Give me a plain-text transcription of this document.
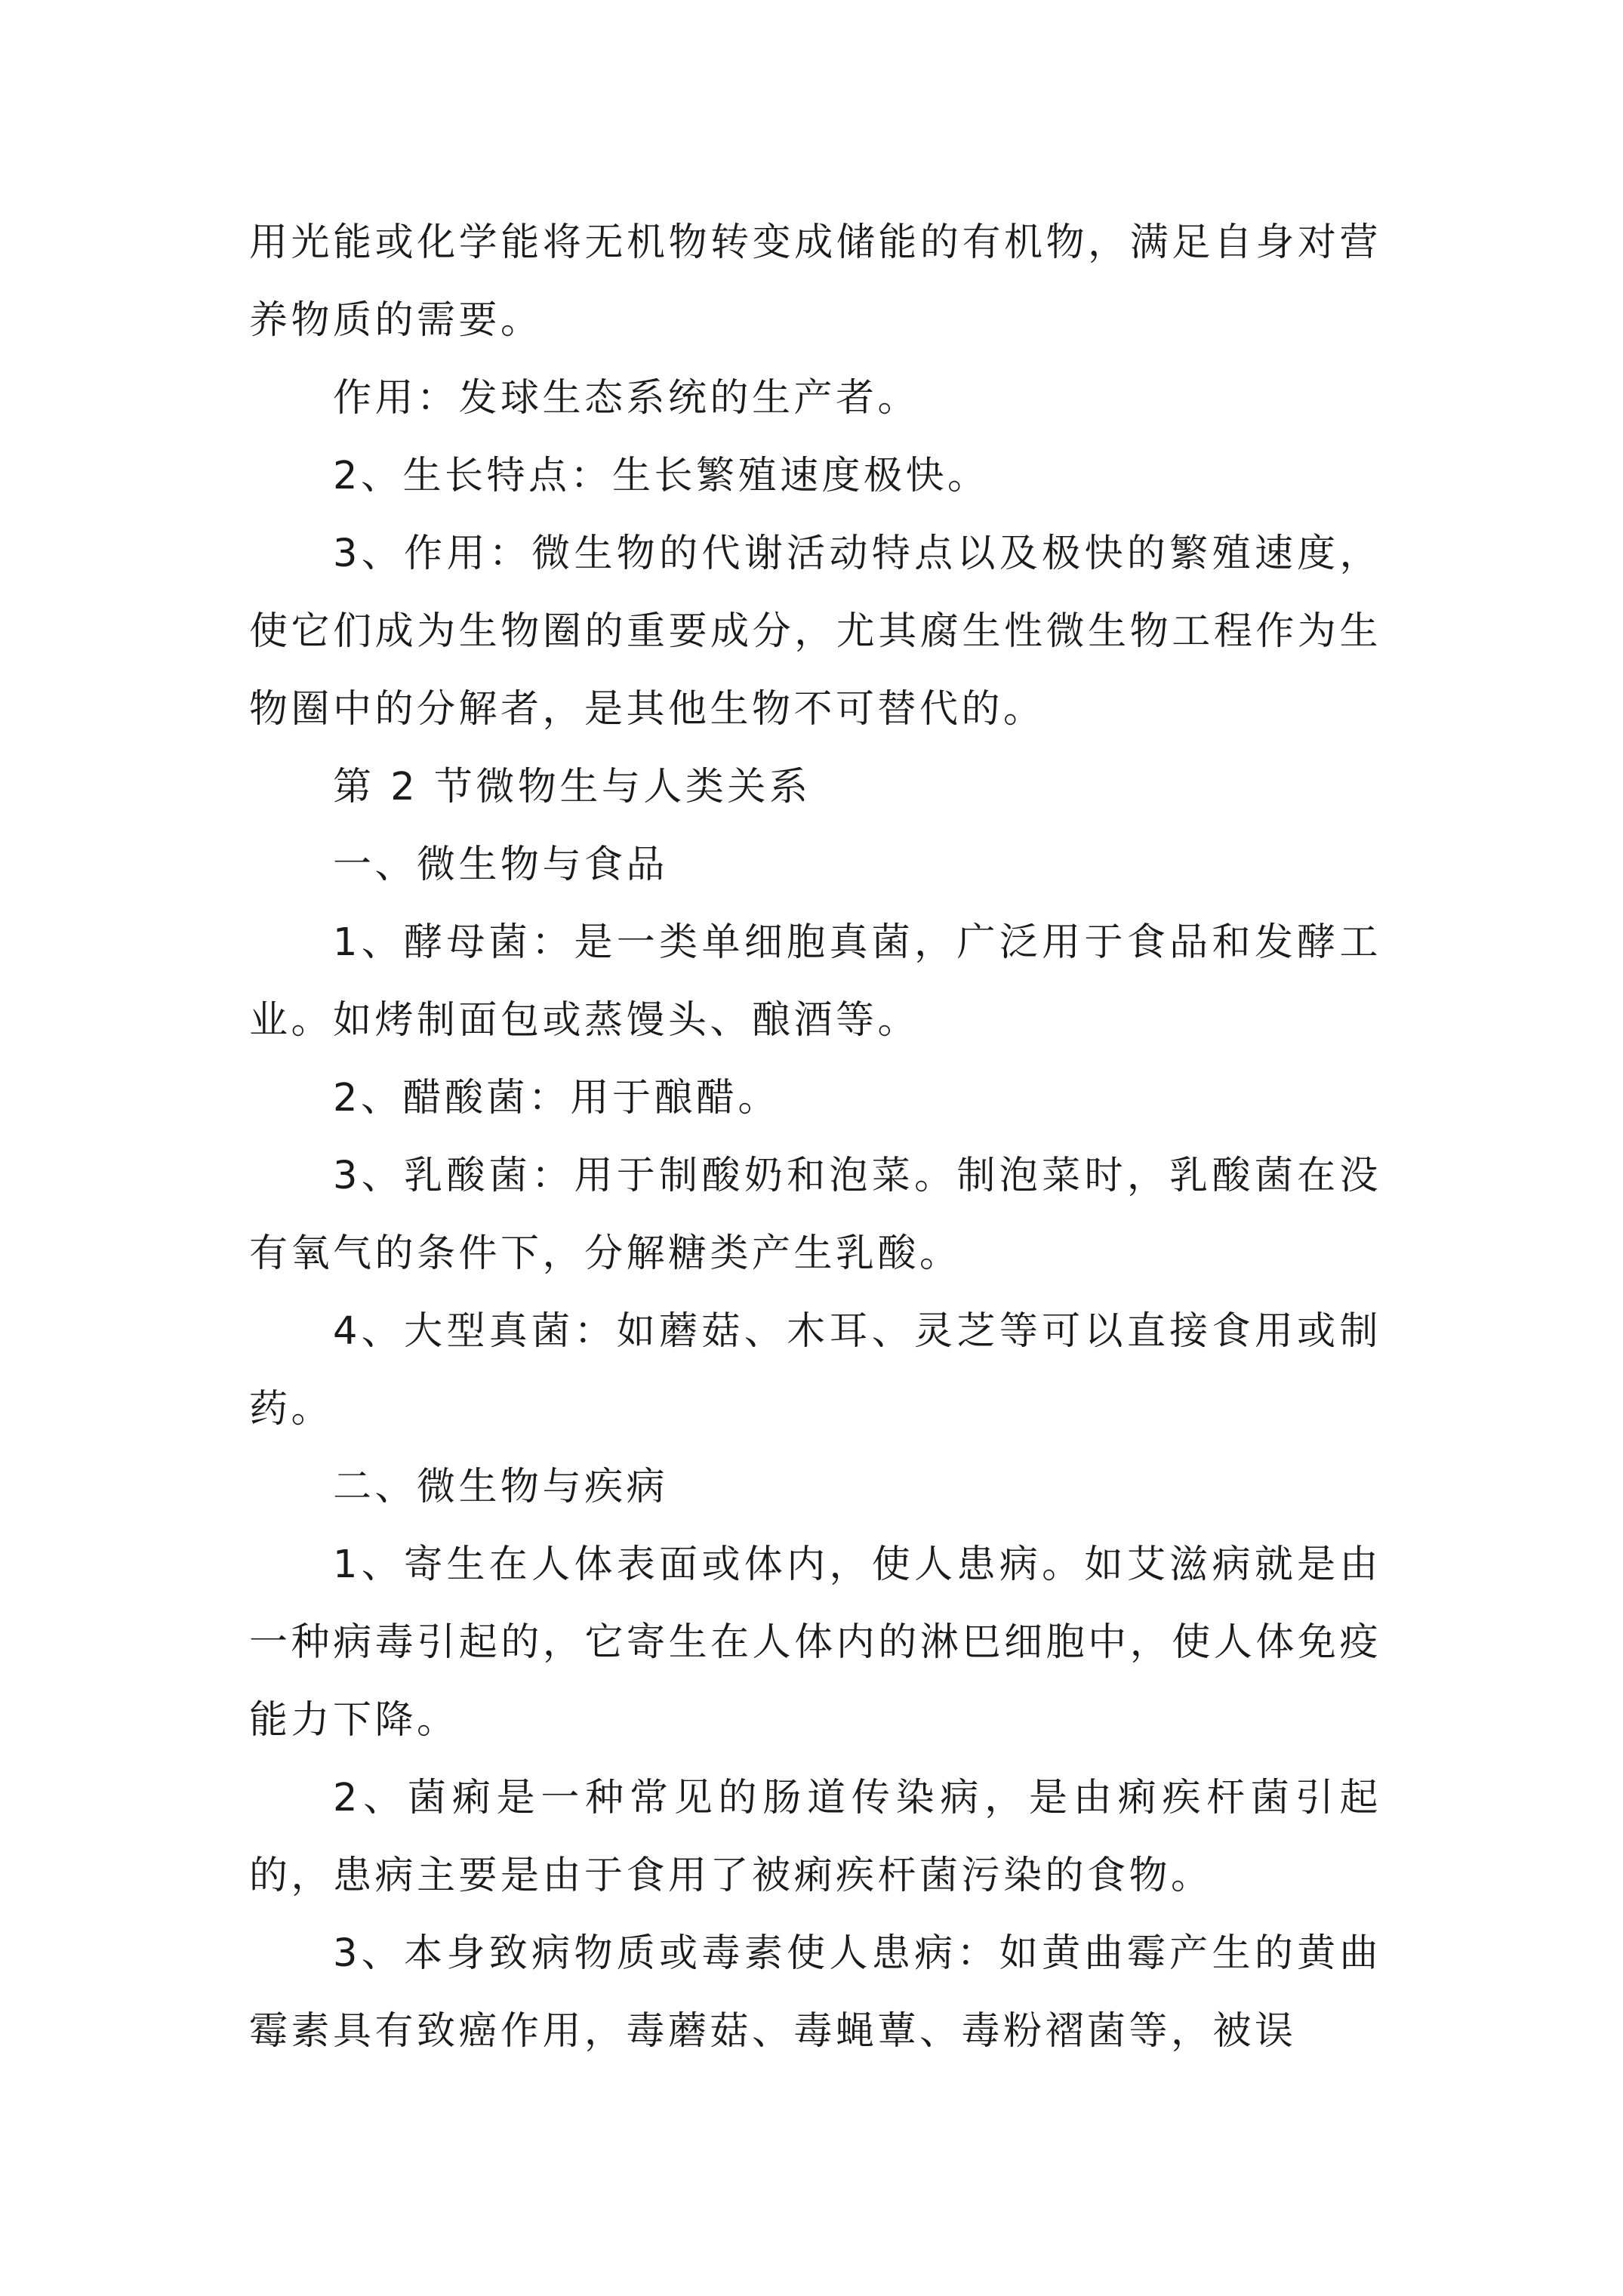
用光能或化学能将无机物转变成储能的有机物，满足自身对营养物质的需要。

作用：发球生态系统的生产者。

2、生长特点：生长繁殖速度极快。

3、作用：微生物的代谢活动特点以及极快的繁殖速度，使它们成为生物圈的重要成分，尤其腐生性微生物工程作为生物圈中的分解者，是其他生物不可替代的。

第 2 节微物生与人类关系

一、微生物与食品

1、酵母菌：是一类单细胞真菌，广泛用于食品和发酵工业。如烤制面包或蒸馒头、酿酒等。

2、醋酸菌：用于酿醋。

3、乳酸菌：用于制酸奶和泡菜。制泡菜时，乳酸菌在没有氧气的条件下，分解糖类产生乳酸。

4、大型真菌：如蘑菇、木耳、灵芝等可以直接食用或制药。

二、微生物与疾病

1、寄生在人体表面或体内，使人患病。如艾滋病就是由一种病毒引起的，它寄生在人体内的淋巴细胞中，使人体免疫能力下降。

2、菌痢是一种常见的肠道传染病，是由痢疾杆菌引起的，患病主要是由于食用了被痢疾杆菌污染的食物。

3、本身致病物质或毒素使人患病：如黄曲霉产生的黄曲霉素具有致癌作用，毒蘑菇、毒蝇蕈、毒粉褶菌等，被误
